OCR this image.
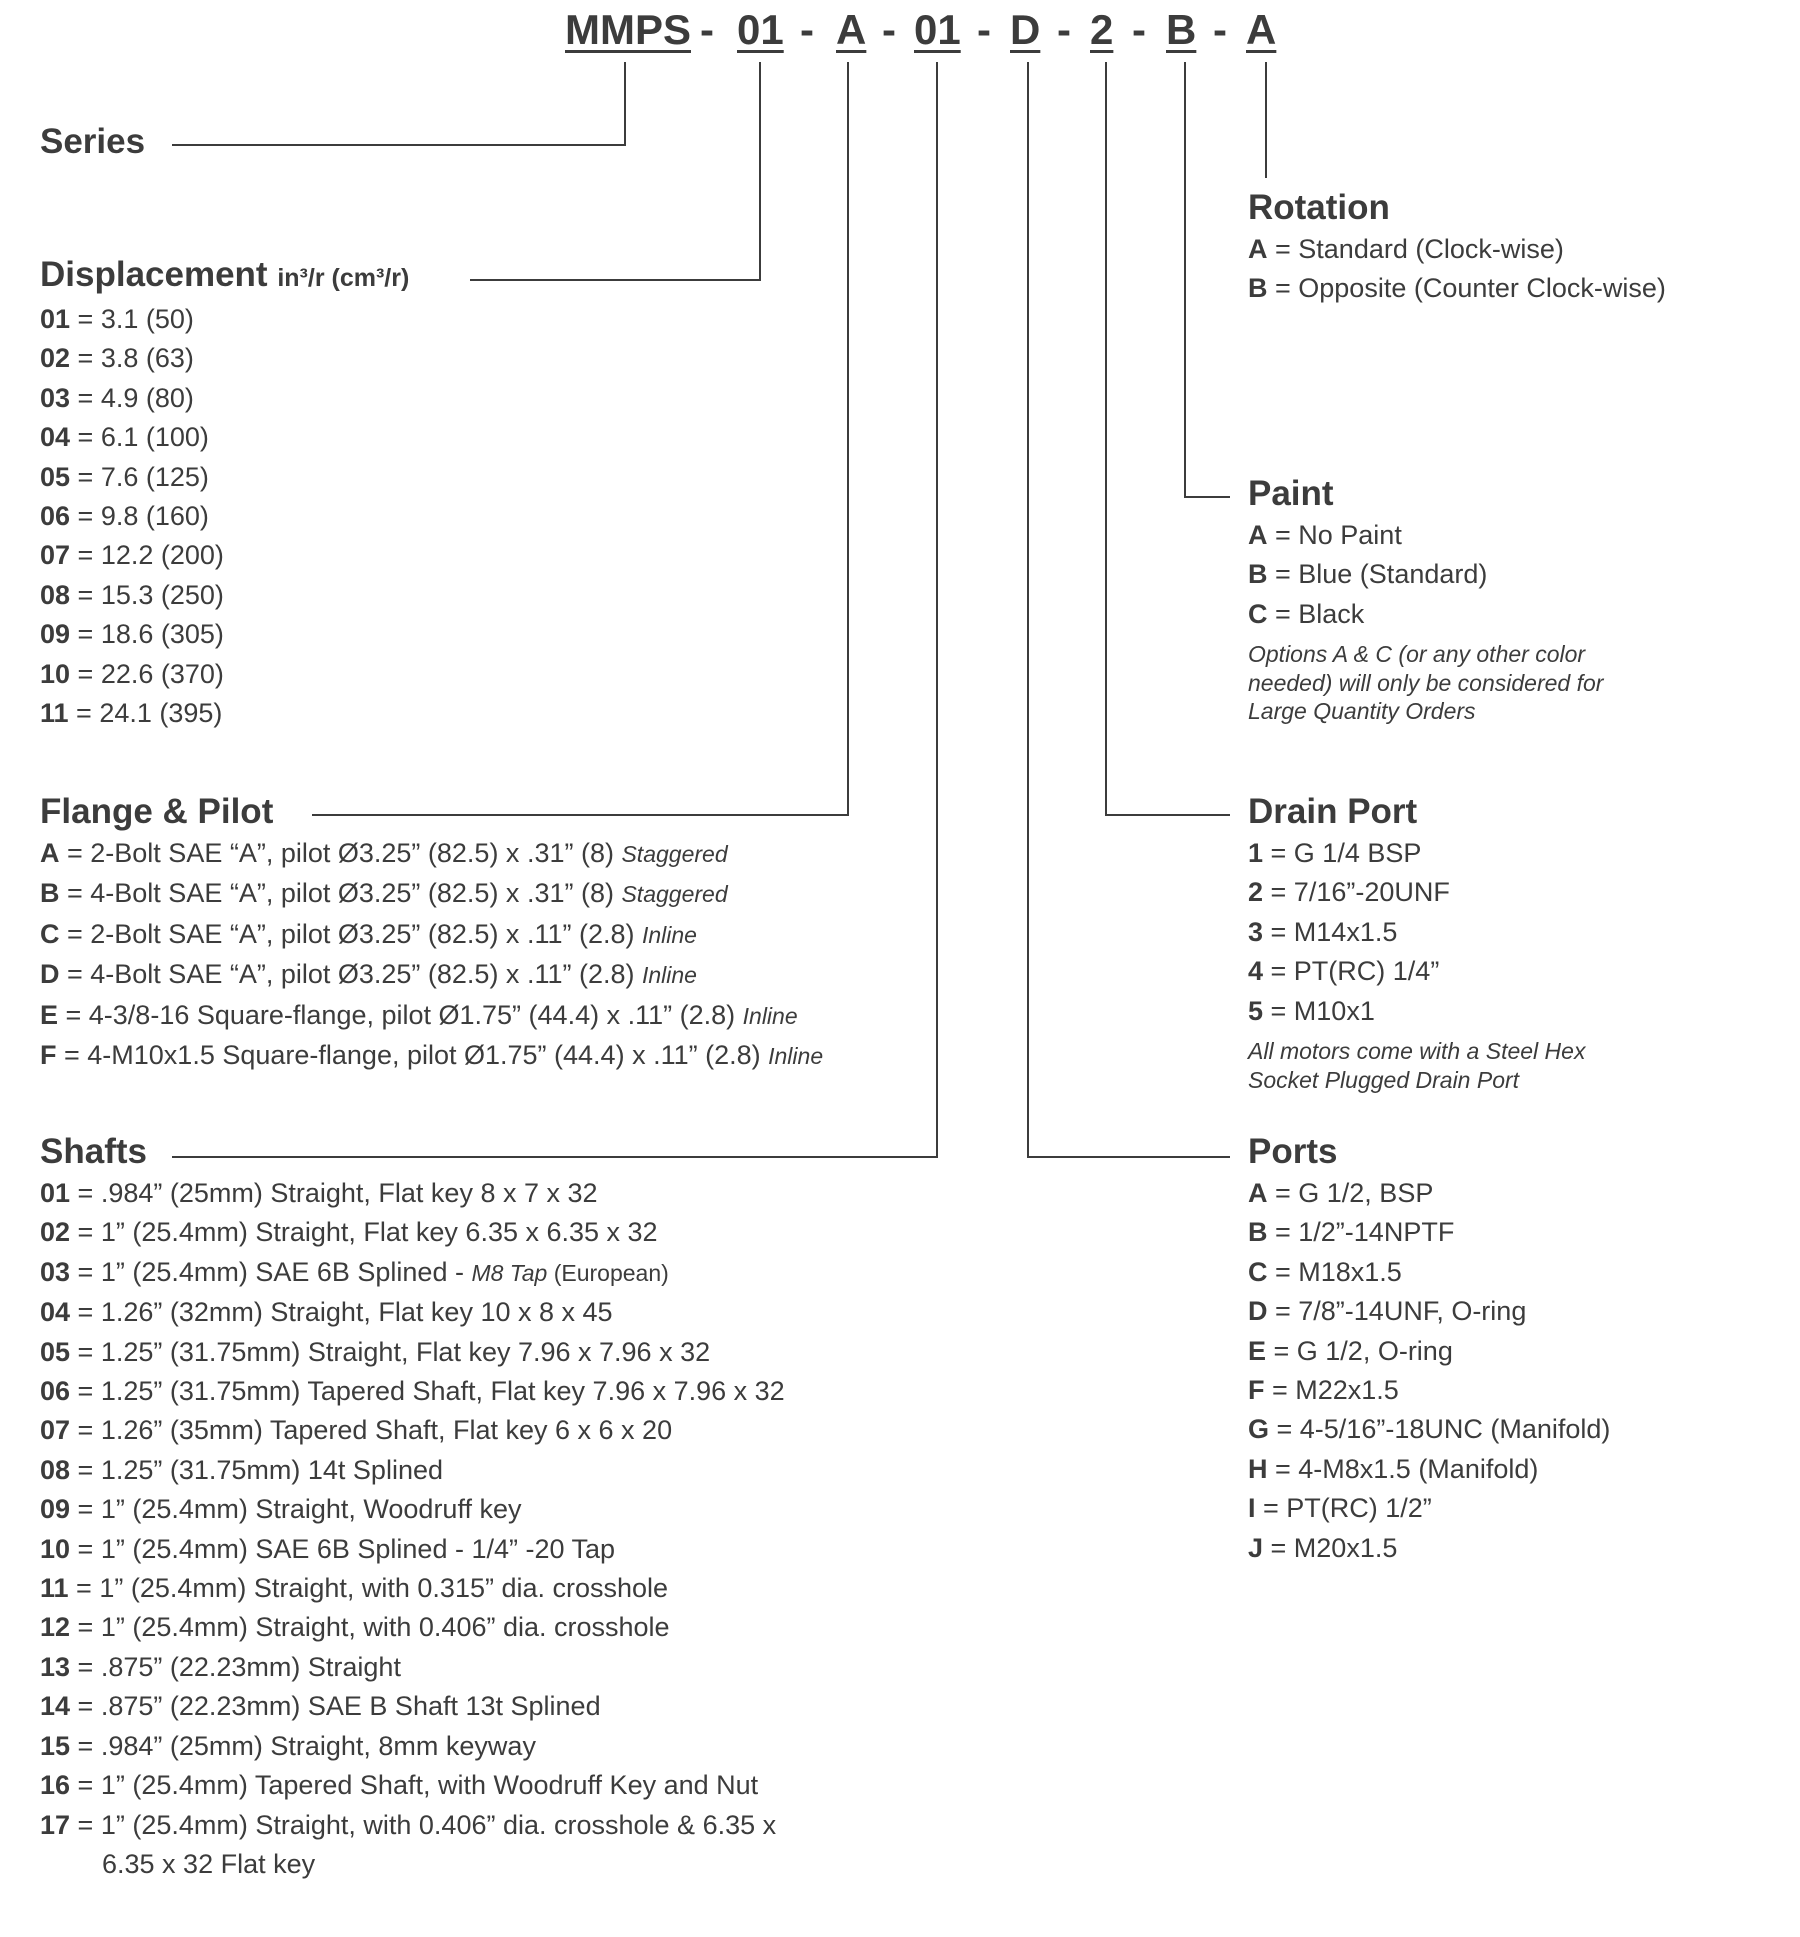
MMPS - 01 - A - 01 - D - 2 - B - A
Series
Displacement in³/r (cm³/r)
01 = 3.1 (50)
02 = 3.8 (63)
03 = 4.9 (80)
04 = 6.1 (100)
05 = 7.6 (125)
06 = 9.8 (160)
07 = 12.2 (200)
08 = 15.3 (250)
09 = 18.6 (305)
10 = 22.6 (370)
11 = 24.1 (395)
Flange & Pilot
A = 2-Bolt SAE “A”, pilot Ø3.25” (82.5) x .31” (8) Staggered
B = 4-Bolt SAE “A”, pilot Ø3.25” (82.5) x .31” (8) Staggered
C = 2-Bolt SAE “A”, pilot Ø3.25” (82.5) x .11” (2.8) Inline
D = 4-Bolt SAE “A”, pilot Ø3.25” (82.5) x .11” (2.8) Inline
E = 4-3/8-16 Square-flange, pilot Ø1.75” (44.4) x .11” (2.8) Inline
F = 4-M10x1.5 Square-flange, pilot Ø1.75” (44.4) x .11” (2.8) Inline
Shafts
01 = .984” (25mm) Straight, Flat key 8 x 7 x 32
02 = 1” (25.4mm) Straight, Flat key 6.35 x 6.35 x 32
03 = 1” (25.4mm) SAE 6B Splined - M8 Tap (European)
04 = 1.26” (32mm) Straight, Flat key 10 x 8 x 45
05 = 1.25” (31.75mm) Straight, Flat key 7.96 x 7.96 x 32
06 = 1.25” (31.75mm) Tapered Shaft, Flat key 7.96 x 7.96 x 32
07 = 1.26” (35mm) Tapered Shaft, Flat key 6 x 6 x 20
08 = 1.25” (31.75mm) 14t Splined
09 = 1” (25.4mm) Straight, Woodruff key
10 = 1” (25.4mm) SAE 6B Splined - 1/4” -20 Tap
11 = 1” (25.4mm) Straight, with 0.315” dia. crosshole
12 = 1” (25.4mm) Straight, with 0.406” dia. crosshole
13 = .875” (22.23mm) Straight
14 = .875” (22.23mm) SAE B Shaft 13t Splined
15 = .984” (25mm) Straight, 8mm keyway
16 = 1” (25.4mm) Tapered Shaft, with Woodruff Key and Nut
17 = 1” (25.4mm) Straight, with 0.406” dia. crosshole & 6.35 x
6.35 x 32 Flat key
Rotation
A = Standard (Clock-wise)
B = Opposite (Counter Clock-wise)
Paint
A = No Paint
B = Blue (Standard)
C = Black
Options A & C (or any other color
needed) will only be considered for
Large Quantity Orders
Drain Port
1 = G 1/4 BSP
2 = 7/16”-20UNF
3 = M14x1.5
4 = PT(RC) 1/4”
5 = M10x1
All motors come with a Steel Hex
Socket Plugged Drain Port
Ports
A = G 1/2, BSP
B = 1/2”-14NPTF
C = M18x1.5
D = 7/8”-14UNF, O-ring
E = G 1/2, O-ring
F = M22x1.5
G = 4-5/16”-18UNC (Manifold)
H = 4-M8x1.5 (Manifold)
I = PT(RC) 1/2”
J = M20x1.5
